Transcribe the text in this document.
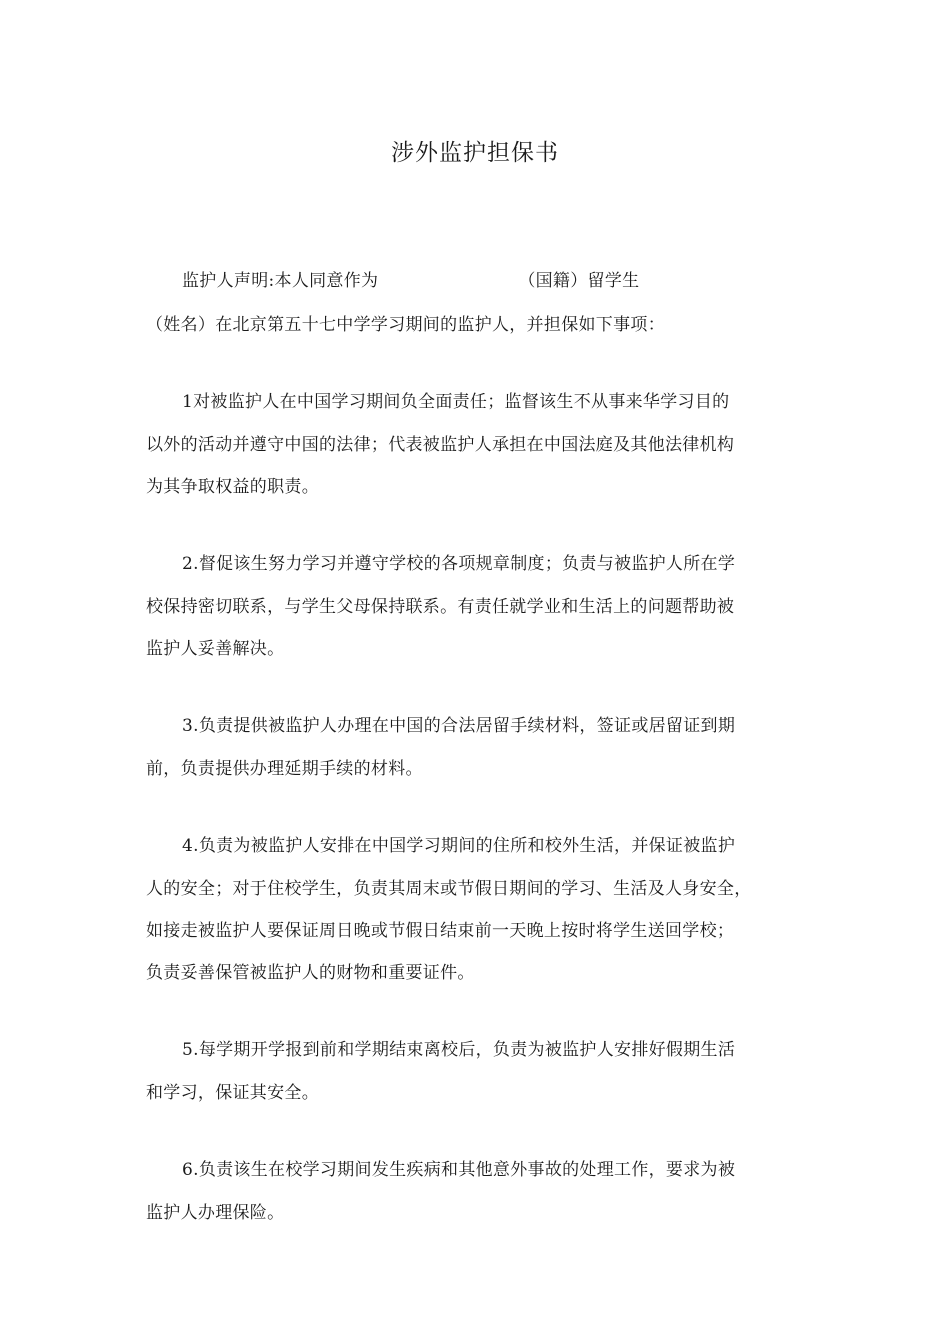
涉外监护担保书
监护人声明:本人同意作为	（国籍）留学生
（姓名）在北京第五十七中学学习期间的监护人，并担保如下事项：
1对被监护人在中国学习期间负全面责任；监督该生不从事来华学习目的
以外的活动并遵守中国的法律；代表被监护人承担在中国法庭及其他法律机构
为其争取权益的职责。
2.督促该生努力学习并遵守学校的各项规章制度；负责与被监护人所在学
校保持密切联系，与学生父母保持联系。有责任就学业和生活上的问题帮助被
监护人妥善解决。
3.负责提供被监护人办理在中国的合法居留手续材料，签证或居留证到期
前，负责提供办理延期手续的材料。
4.负责为被监护人安排在中国学习期间的住所和校外生活，并保证被监护
人的安全；对于住校学生，负责其周末或节假日期间的学习、生活及人身安全，
如接走被监护人要保证周日晚或节假日结束前一天晚上按时将学生送回学校；
负责妥善保管被监护人的财物和重要证件。
5.每学期开学报到前和学期结束离校后，负责为被监护人安排好假期生活
和学习，保证其安全。
6.负责该生在校学习期间发生疾病和其他意外事故的处理工作，要求为被
监护人办理保险。
